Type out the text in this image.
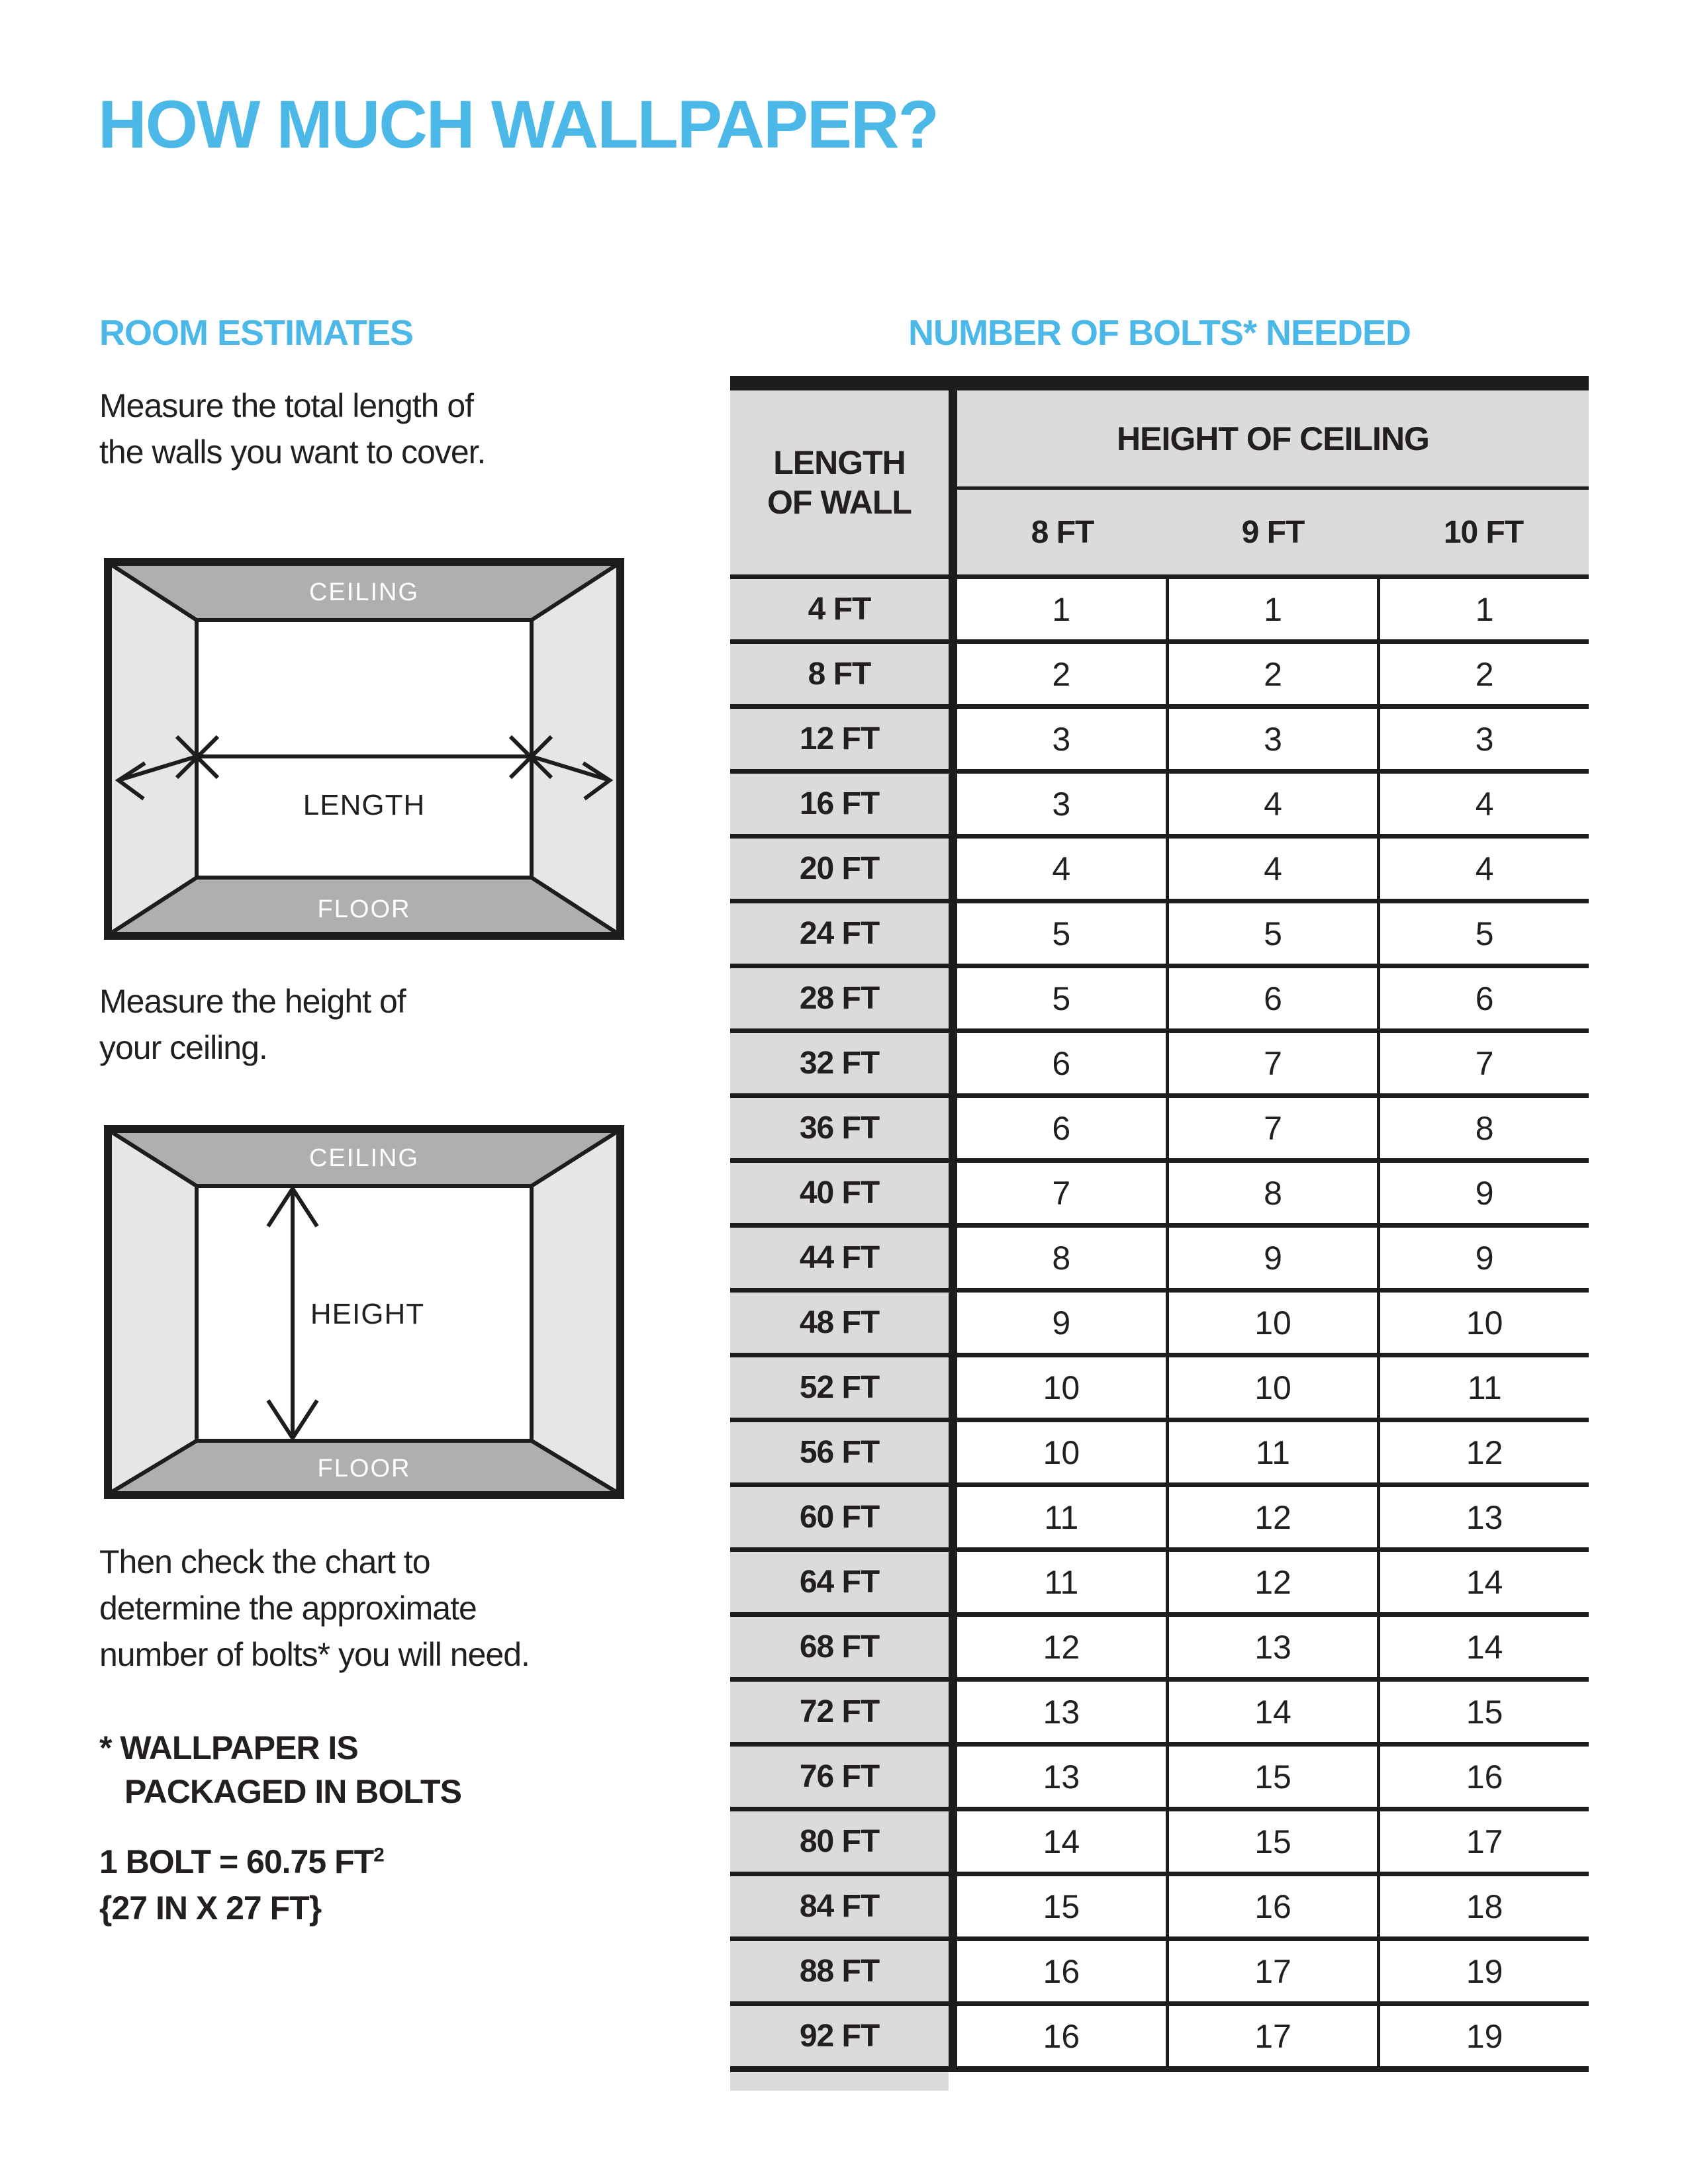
HOW MUCH WALLPAPER?
ROOM ESTIMATES
Measure the total length of
the walls you want to cover.
CEILING
FLOOR
LENGTH
Measure the height of
your ceiling.
CEILING
FLOOR
HEIGHT
Then check the chart to
determine the approximate
number of bolts* you will need.
* WALLPAPER IS
PACKAGED IN BOLTS
1 BOLT = 60.75 $FT^2$
{27 IN X 27 FT}
NUMBER OF BOLTS* NEEDED
LENGTH
OF WALL
HEIGHT OF CEILING
8 FT	9 FT	10 FT
4 FT	1	1	1
8 FT	2	2	2
12 FT	3	3	3
16 FT	3	4	4
20 FT	4	4	4
24 FT	5	5	5
28 FT	5	6	6
32 FT	6	7	7
36 FT	6	7	8
40 FT	7	8	9
44 FT	8	9	9
48 FT	9	10	10
52 FT	10	10	11
56 FT	10	11	12
60 FT	11	12	13
64 FT	11	12	14
68 FT	12	13	14
72 FT	13	14	15
76 FT	13	15	16
80 FT	14	15	17
84 FT	15	16	18
88 FT	16	17	19
92 FT	16	17	19
